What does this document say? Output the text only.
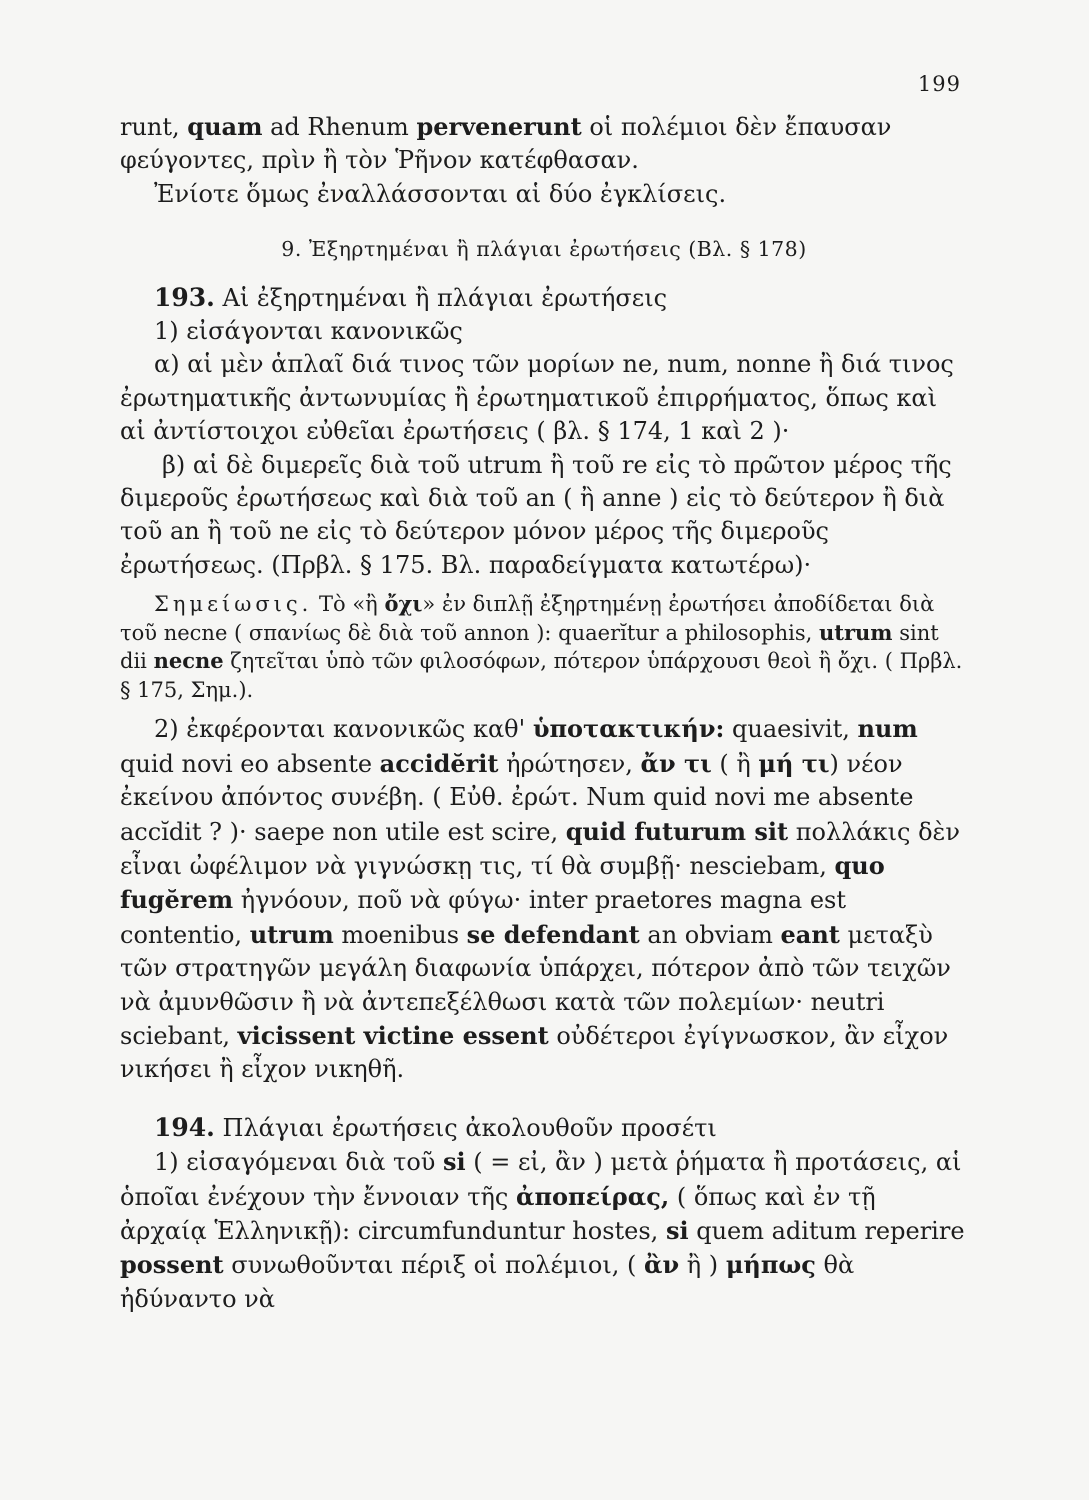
199

runt, quam ad Rhenum pervenerunt οἱ πολέμιοι δὲν ἔπαυσαν φεύγοντες, πρὶν ἢ τὸν Ῥῆνον κατέφθασαν.

Ἐνίοτε ὅμως ἐναλλάσσονται αἱ δύο ἐγκλίσεις.

9. Ἐξηρτημέναι ἢ πλάγιαι ἐρωτήσεις (Βλ. § 178)

193. Αἱ ἐξηρτημέναι ἢ πλάγιαι ἐρωτήσεις

1) εἰσάγονται κανονικῶς

α) αἱ μὲν ἁπλαῖ διά τινος τῶν μορίων ne, num, nonne ἢ διά τινος ἐρωτηματικῆς ἀντωνυμίας ἢ ἐρωτηματικοῦ ἐπιρρήματος, ὅπως καὶ αἱ ἀντίστοιχοι εὐθεῖαι ἐρωτήσεις ( βλ. § 174, 1 καὶ 2 )·

β) αἱ δὲ διμερεῖς διὰ τοῦ utrum ἢ τοῦ re εἰς τὸ πρῶτον μέρος τῆς διμεροῦς ἐρωτήσεως καὶ διὰ τοῦ an ( ἢ anne ) εἰς τὸ δεύτερον ἢ διὰ τοῦ an ἢ τοῦ ne εἰς τὸ δεύτερον μόνον μέρος τῆς διμεροῦς ἐρωτήσεως. (Πρβλ. § 175. Βλ. παραδείγματα κατωτέρω)·

Σημείωσις. Τὸ «ἢ ὄχι» ἐν διπλῇ ἐξηρτημένῃ ἐρωτήσει ἀποδίδεται διὰ τοῦ necne ( σπανίως δὲ διὰ τοῦ annon ): quaerĭtur a philosophis, utrum sint dii necne ζητεῖται ὑπὸ τῶν φιλοσόφων, πότερον ὑπάρχουσι θεοὶ ἢ ὄχι. ( Πρβλ. § 175, Σημ.).

2) ἐκφέρονται κανονικῶς καθ' ὑποτακτικήν: quaesivit, num quid novi eo absente accidĕrit ἠρώτησεν, ἄν τι ( ἢ μή τι) νέον ἐκείνου ἀπόντος συνέβη. ( Εὐθ. ἐρώτ. Num quid novi me absente accĭdit ? )· saepe non utile est scire, quid futurum sit πολλάκις δὲν εἶναι ὠφέλιμον νὰ γιγνώσκῃ τις, τί θὰ συμβῇ· nesciebam, quo fugĕrem ἠγνόουν, ποῦ νὰ φύγω· inter praetores magna est contentio, utrum moenibus se defendant an obviam eant μεταξὺ τῶν στρατηγῶν μεγάλη διαφωνία ὑπάρχει, πότερον ἀπὸ τῶν τειχῶν νὰ ἀμυνθῶσιν ἢ νὰ ἀντεπεξέλθωσι κατὰ τῶν πολεμίων· neutri sciebant, vicissent victine essent οὐδέτεροι ἐγίγνωσκον, ἂν εἶχον νικήσει ἢ εἶχον νικηθῆ.

194. Πλάγιαι ἐρωτήσεις ἀκολουθοῦν προσέτι

1) εἰσαγόμεναι διὰ τοῦ si ( = εἰ, ἂν ) μετὰ ῥήματα ἢ προτάσεις, αἱ ὁποῖαι ἐνέχουν τὴν ἔννοιαν τῆς ἀποπείρας, ( ὅπως καὶ ἐν τῇ ἀρχαίᾳ Ἑλληνικῇ): circumfunduntur hostes, si quem aditum reperire possent συνωθοῦνται πέριξ οἱ πολέμιοι, ( ἂν ἢ ) μήπως θὰ ἠδύναντο νὰ
